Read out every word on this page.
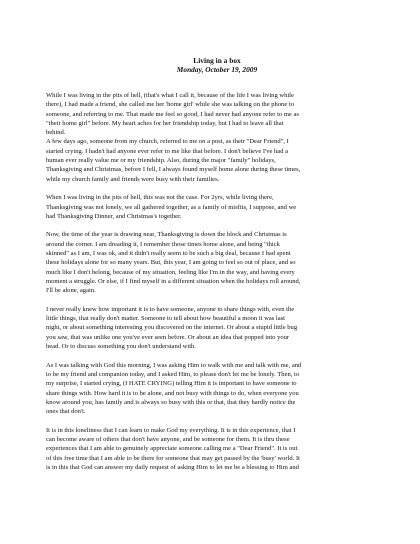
Living in a box
Monday, October 19, 2009

While I was living in the pits of hell, (that's what I call it, because of the life I was living while
there), I had made a friend, she called me her 'home girl' while she was talking on the phone to
someone, and referring to me. That made me feel so good, I had never had anyone refer to me as
"their home girl" before. My heart aches for her friendship today, but I had to leave all that
behind.
A few days ago, someone from my church, referred to me on a post, as their "Dear Friend", I
started crying. I hadn't had anyone ever refer to me like that before. I don't believe I've had a
human ever really value me or my friendship. Also, during the major "family" holidays,
Thanksgiving and Christmas, before I fell, I always found myself home alone during these times,
while my church family and friends were busy with their families.

When I was living in the pits of hell, this was not the case. For 2yrs, while living there,
Thanksgiving was not lonely, we all gathered together, as a family of misfits, I suppose, and we
had Thanksgiving Dinner, and Christmas's together.

Now, the time of the year is drawing near, Thanksgiving is down the block and Christmas is
around the corner. I am dreading it, I remember those times home alone, and being "thick
skinned" as I am, I was ok, and it didn't really seem to be such a big deal, because I had spent
these holidays alone for so many years. But, this year, I am going to feel so out of place, and so
much like I don't belong, because of my situation, feeling like I'm in the way, and having every
moment a struggle. Or else, if I find myself in a different situation when the holidays roll around,
I'll be alone, again.

I never really knew how important it is to have someone, anyone to share things with, even the
little things, that really don't matter. Someone to tell about how beautiful a moon it was last
night, or about something interesting you discovered on the internet. Or about a stupid little bug
you saw, that was unlike one you've ever seen before. Or about an idea that popped into your
head. Or to discuss something you don't understand with.

As I was talking with God this morning, I was asking Him to walk with me and talk with me, and
to be my friend and companion today, and I asked Him, to please don't let me be lonely. Then, to
my surprise, I started crying, (I HATE CRYING) telling Him it is important to have someone to
share things with. How hard it is to be alone, and not busy with things to do, when everyone you
know around you, has family and is always so busy with this or that, that they hardly notice the
ones that don't.

It is in this loneliness that I can learn to make God my everything. It is in this experience, that I
can become aware of others that don't have anyone, and be someone for them. It is thru these
experiences that I am able to genuinely appreciate someone calling me a "Dear Friend". It is out
of this free time that I am able to be there for someone that may get passed by the 'busy' world. It
is in this that God can answer my daily request of asking Him to let me be a blessing to Him and
